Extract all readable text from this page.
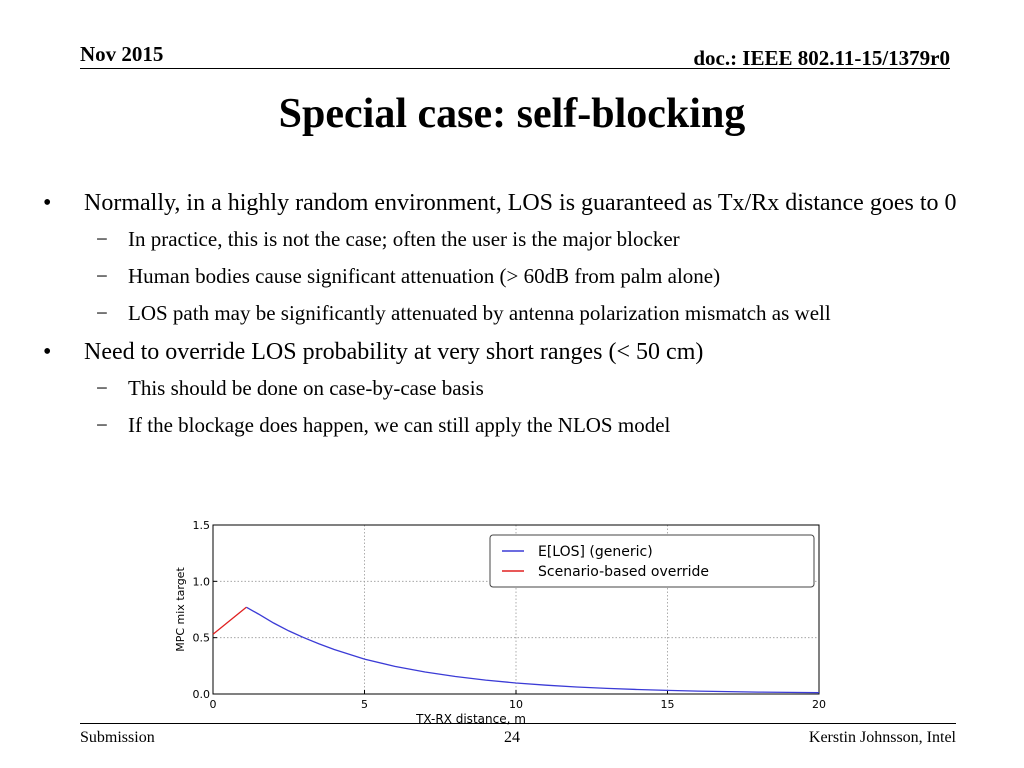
Nov 2015	doc.: IEEE 802.11-15/1379r0
Special case: self-blocking
• Normally, in a highly random environment, LOS is guaranteed as Tx/Rx distance goes to 0
− In practice, this is not the case; often the user is the major blocker
− Human bodies cause significant attenuation (> 60dB from palm alone)
− LOS path may be significantly attenuated by antenna polarization mismatch as well
• Need to override LOS probability at very short ranges (< 50 cm)
− This should be done on case-by-case basis
− If the blockage does happen, we can still apply the NLOS model
0	5	10	15	20
0.0
0.5
1.0
1.5
TX-RX distance, m
MPC mix target
E[LOS] (generic)
Scenario-based override
Submission	24	Kerstin Johnsson, Intel
